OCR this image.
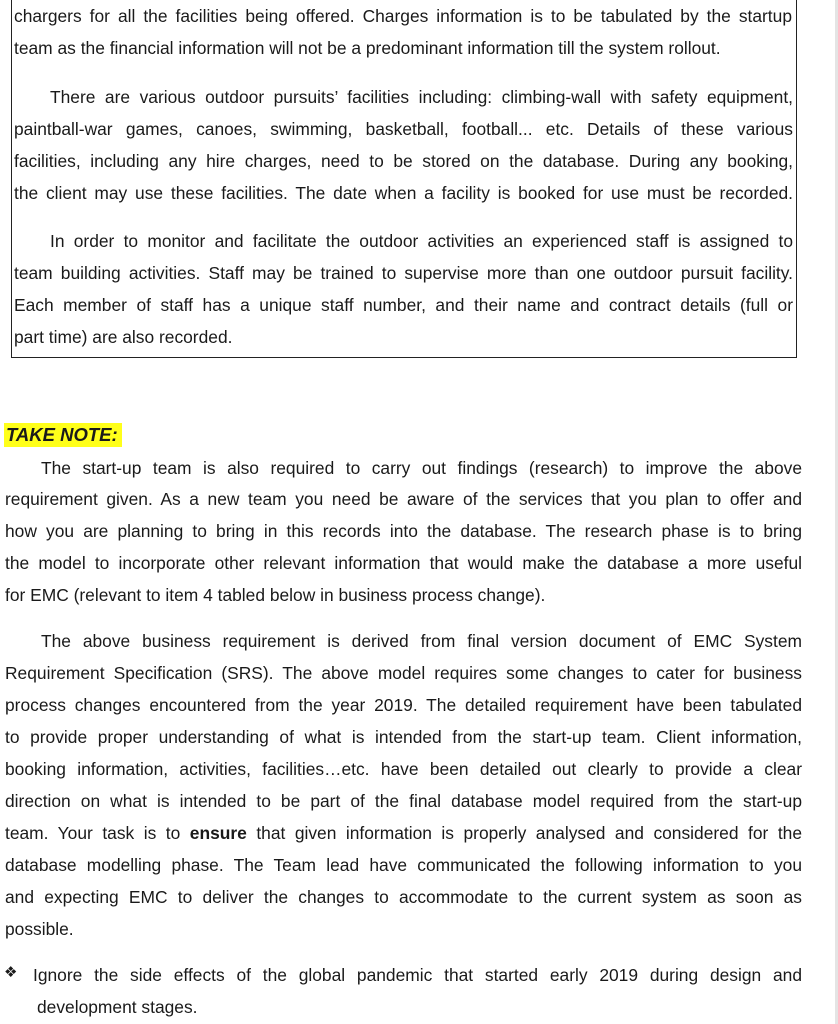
chargers for all the facilities being offered. Charges information is to be tabulated by the startup
team as the financial information will not be a predominant information till the system rollout.
There are various outdoor pursuits’ facilities including: climbing-wall with safety equipment,
paintball-war games, canoes, swimming, basketball, football... etc. Details of these various
facilities, including any hire charges, need to be stored on the database. During any booking,
the client may use these facilities. The date when a facility is booked for use must be recorded.
In order to monitor and facilitate the outdoor activities an experienced staff is assigned to
team building activities. Staff may be trained to supervise more than one outdoor pursuit facility.
Each member of staff has a unique staff number, and their name and contract details (full or
part time) are also recorded.
TAKE NOTE:
The start-up team is also required to carry out findings (research) to improve the above
requirement given. As a new team you need be aware of the services that you plan to offer and
how you are planning to bring in this records into the database. The research phase is to bring
the model to incorporate other relevant information that would make the database a more useful
for EMC (relevant to item 4 tabled below in business process change).
The above business requirement is derived from final version document of EMC System
Requirement Specification (SRS). The above model requires some changes to cater for business
process changes encountered from the year 2019. The detailed requirement have been tabulated
to provide proper understanding of what is intended from the start-up team. Client information,
booking information, activities, facilities…etc. have been detailed out clearly to provide a clear
direction on what is intended to be part of the final database model required from the start-up
team. Your task is to ensure that given information is properly analysed and considered for the
database modelling phase. The Team lead have communicated the following information to you
and expecting EMC to deliver the changes to accommodate to the current system as soon as
possible.
❖ Ignore the side effects of the global pandemic that started early 2019 during design and
development stages.
